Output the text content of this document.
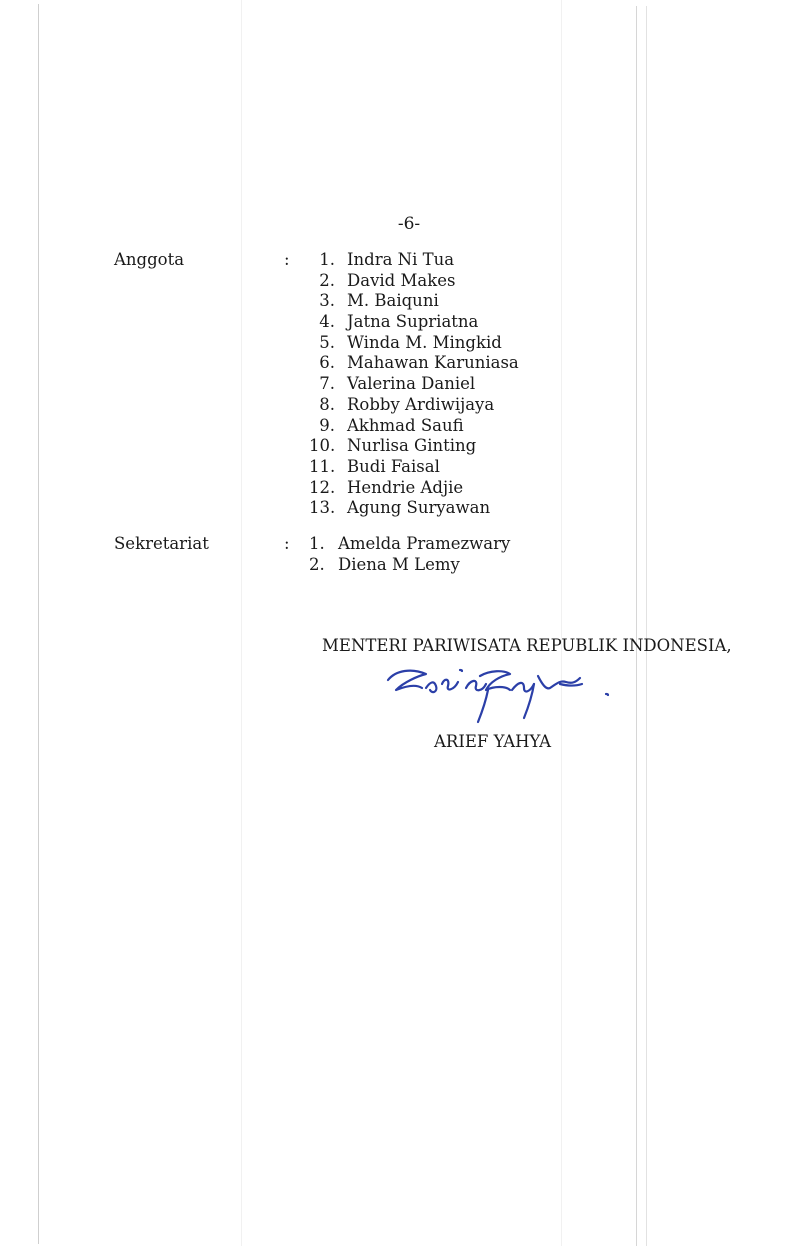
-6-
Anggota	:	1. Indra Ni Tua
2. David Makes
3. M. Baiquni
4. Jatna Supriatna
5. Winda M. Mingkid
6. Mahawan Karuniasa
7. Valerina Daniel
8. Robby Ardiwijaya
9. Akhmad Saufi
10. Nurlisa Ginting
11. Budi Faisal
12. Hendrie Adjie
13. Agung Suryawan
Sekretariat	: 1. Amelda Pramezwary
2. Diena M Lemy
MENTERI PARIWISATA REPUBLIK INDONESIA,
ARIEF YAHYA
